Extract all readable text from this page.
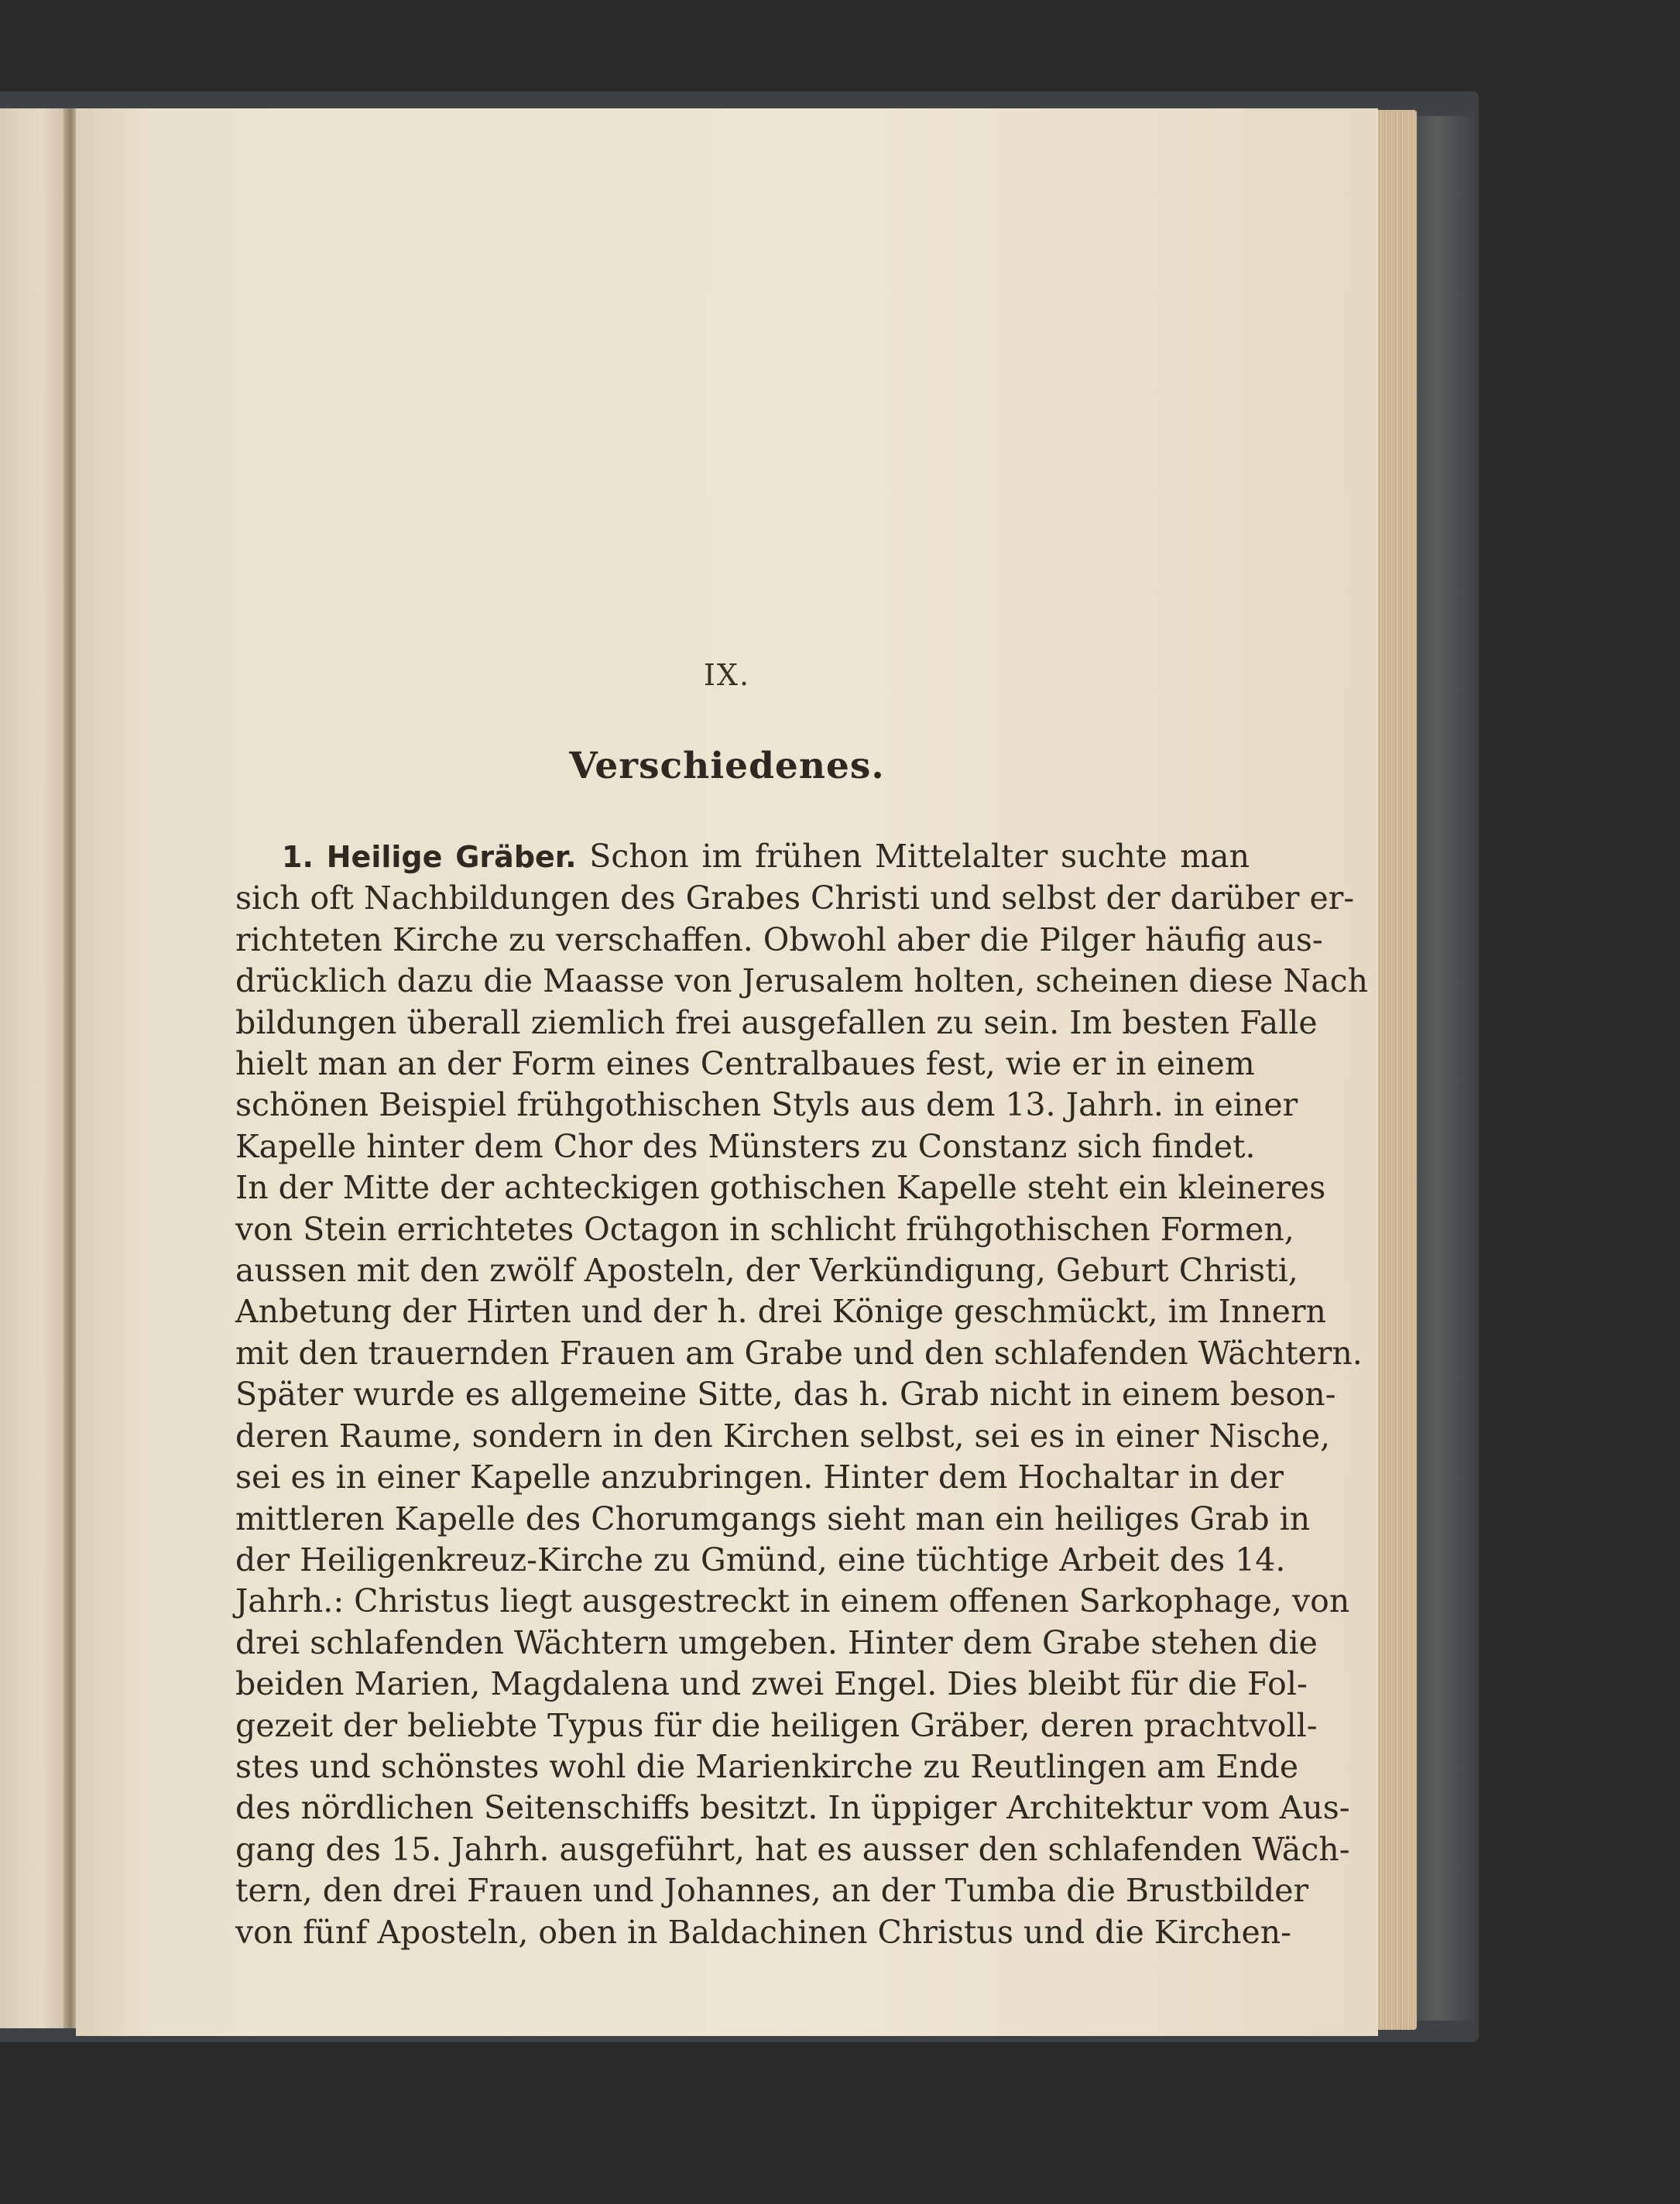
IX.
Verschiedenes.
1. Heilige Gräber. Schon im frühen Mittelalter suchte man
sich oft Nachbildungen des Grabes Christi und selbst der darüber er-
richteten Kirche zu verschaffen. Obwohl aber die Pilger häufig aus-
drücklich dazu die Maasse von Jerusalem holten, scheinen diese Nach
bildungen überall ziemlich frei ausgefallen zu sein. Im besten Falle
hielt man an der Form eines Centralbaues fest, wie er in einem
schönen Beispiel frühgothischen Styls aus dem 13. Jahrh. in einer
Kapelle hinter dem Chor des Münsters zu Constanz sich findet.
In der Mitte der achteckigen gothischen Kapelle steht ein kleineres
von Stein errichtetes Octagon in schlicht frühgothischen Formen,
aussen mit den zwölf Aposteln, der Verkündigung, Geburt Christi,
Anbetung der Hirten und der h. drei Könige geschmückt, im Innern
mit den trauernden Frauen am Grabe und den schlafenden Wächtern.
Später wurde es allgemeine Sitte, das h. Grab nicht in einem beson-
deren Raume, sondern in den Kirchen selbst, sei es in einer Nische,
sei es in einer Kapelle anzubringen. Hinter dem Hochaltar in der
mittleren Kapelle des Chorumgangs sieht man ein heiliges Grab in
der Heiligenkreuz-Kirche zu Gmünd, eine tüchtige Arbeit des 14.
Jahrh.: Christus liegt ausgestreckt in einem offenen Sarkophage, von
drei schlafenden Wächtern umgeben. Hinter dem Grabe stehen die
beiden Marien, Magdalena und zwei Engel. Dies bleibt für die Fol-
gezeit der beliebte Typus für die heiligen Gräber, deren prachtvoll-
stes und schönstes wohl die Marienkirche zu Reutlingen am Ende
des nördlichen Seitenschiffs besitzt. In üppiger Architektur vom Aus-
gang des 15. Jahrh. ausgeführt, hat es ausser den schlafenden Wäch-
tern, den drei Frauen und Johannes, an der Tumba die Brustbilder
von fünf Aposteln, oben in Baldachinen Christus und die Kirchen-
